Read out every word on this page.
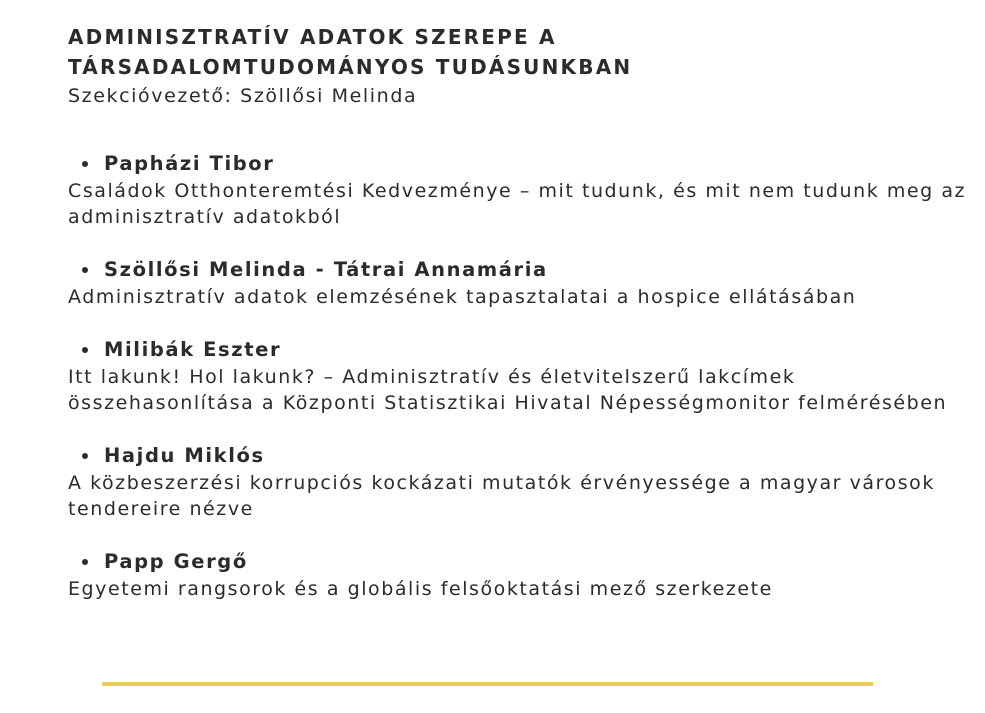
ADMINISZTRATÍV ADATOK SZEREPE A
TÁRSADALOMTUDOMÁNYOS TUDÁSUNKBAN

Szekcióvezető: Szöllősi Melinda

Papházi Tibor

Családok Otthonteremtési Kedvezménye – mit tudunk, és mit nem tudunk meg az adminisztratív adatokból

Szöllősi Melinda - Tátrai Annamária

Adminisztratív adatok elemzésének tapasztalatai a hospice ellátásában

Milibák Eszter

Itt lakunk! Hol lakunk? – Adminisztratív és életvitelszerű lakcímek összehasonlítása a Központi Statisztikai Hivatal Népességmonitor felmérésében

Hajdu Miklós

A közbeszerzési korrupciós kockázati mutatók érvényessége a magyar városok tendereire nézve

Papp Gergő

Egyetemi rangsorok és a globális felsőoktatási mező szerkezete
